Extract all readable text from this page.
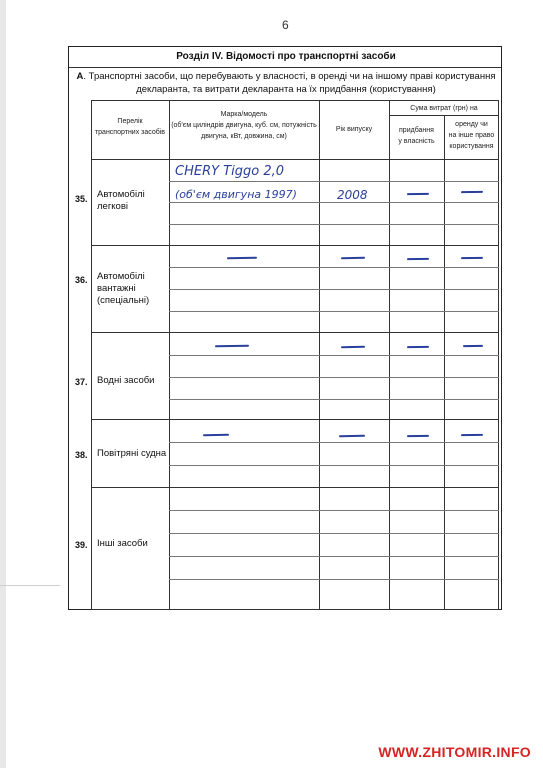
6
Розділ IV. Відомості про транспортні засоби
А. Транспортні засоби, що перебувають у власності, в оренді чи на іншому праві користування
декларанта, та витрати декларанта на їх придбання (користування)
Перелік
транспортних засобів
Марка/модель
(об'єм циліндрів двигуна, куб. см, потужність
двигуна, кВт, довжина, см)
Рік випуску
Сума витрат (грн) на
придбання
у власність
оренду чи
на інше право
користування
35. Автомобілі
легкові
36. Автомобілі
вантажні
(спеціальні)
37. Водні засоби
38. Повітряні судна
39. Інші засоби
CHERY Tiggo 2,0
(об'єм двигуна 1997)	2008
WWW.ZHITOMIR.INFO
